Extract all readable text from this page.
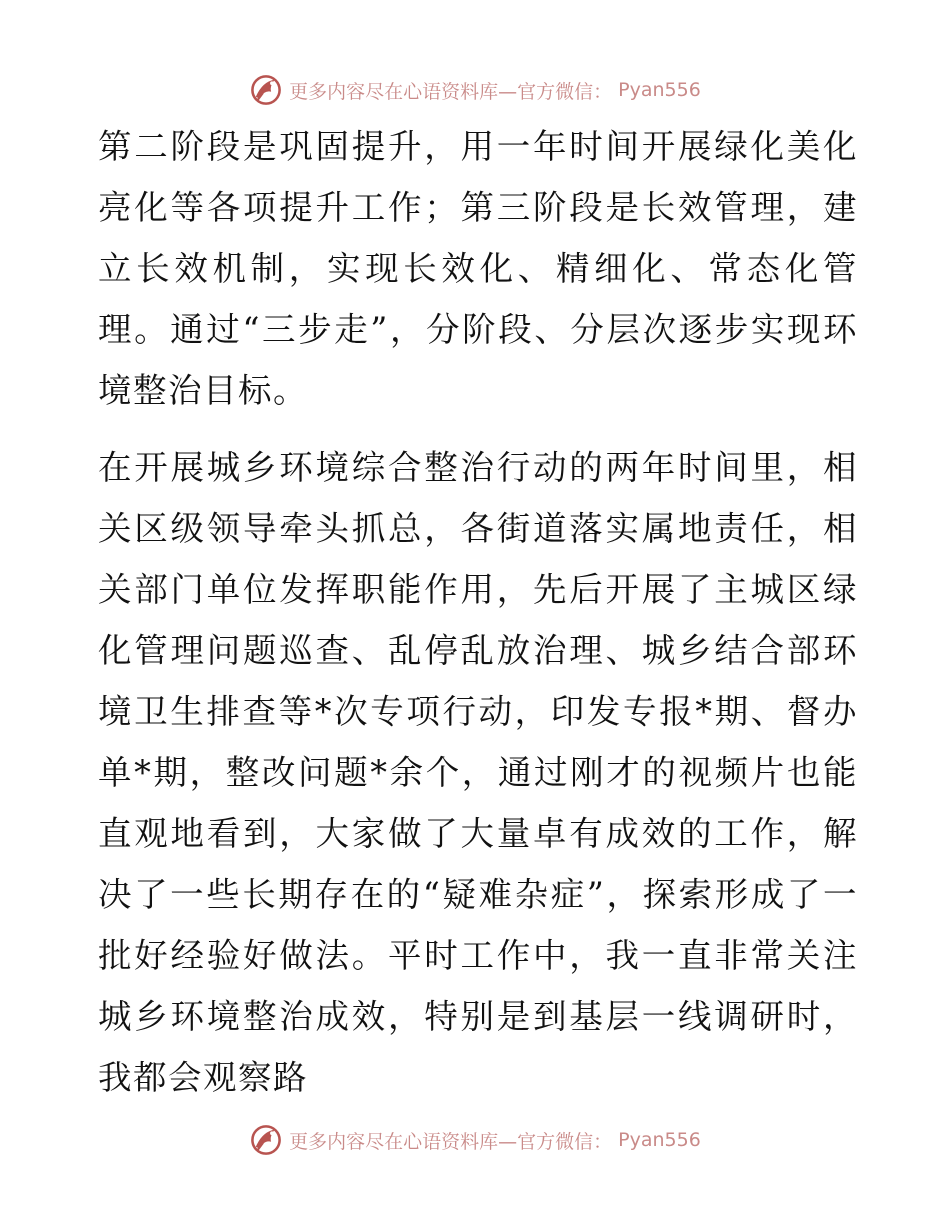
更多内容尽在心语资料库—官方微信： Pyan556

第二阶段是巩固提升，用一年时间开展绿化美化亮化等各项提升工作；第三阶段是长效管理，建立长效机制，实现长效化、精细化、常态化管理。通过“三步走”，分阶段、分层次逐步实现环境整治目标。

在开展城乡环境综合整治行动的两年时间里，相关区级领导牵头抓总，各街道落实属地责任，相关部门单位发挥职能作用，先后开展了主城区绿化管理问题巡查、乱停乱放治理、城乡结合部环境卫生排查等*次专项行动，印发专报*期、督办单*期，整改问题*余个，通过刚才的视频片也能直观地看到，大家做了大量卓有成效的工作，解决了一些长期存在的“疑难杂症”，探索形成了一批好经验好做法。平时工作中，我一直非常关注城乡环境整治成效，特别是到基层一线调研时，我都会观察路

更多内容尽在心语资料库—官方微信： Pyan556
